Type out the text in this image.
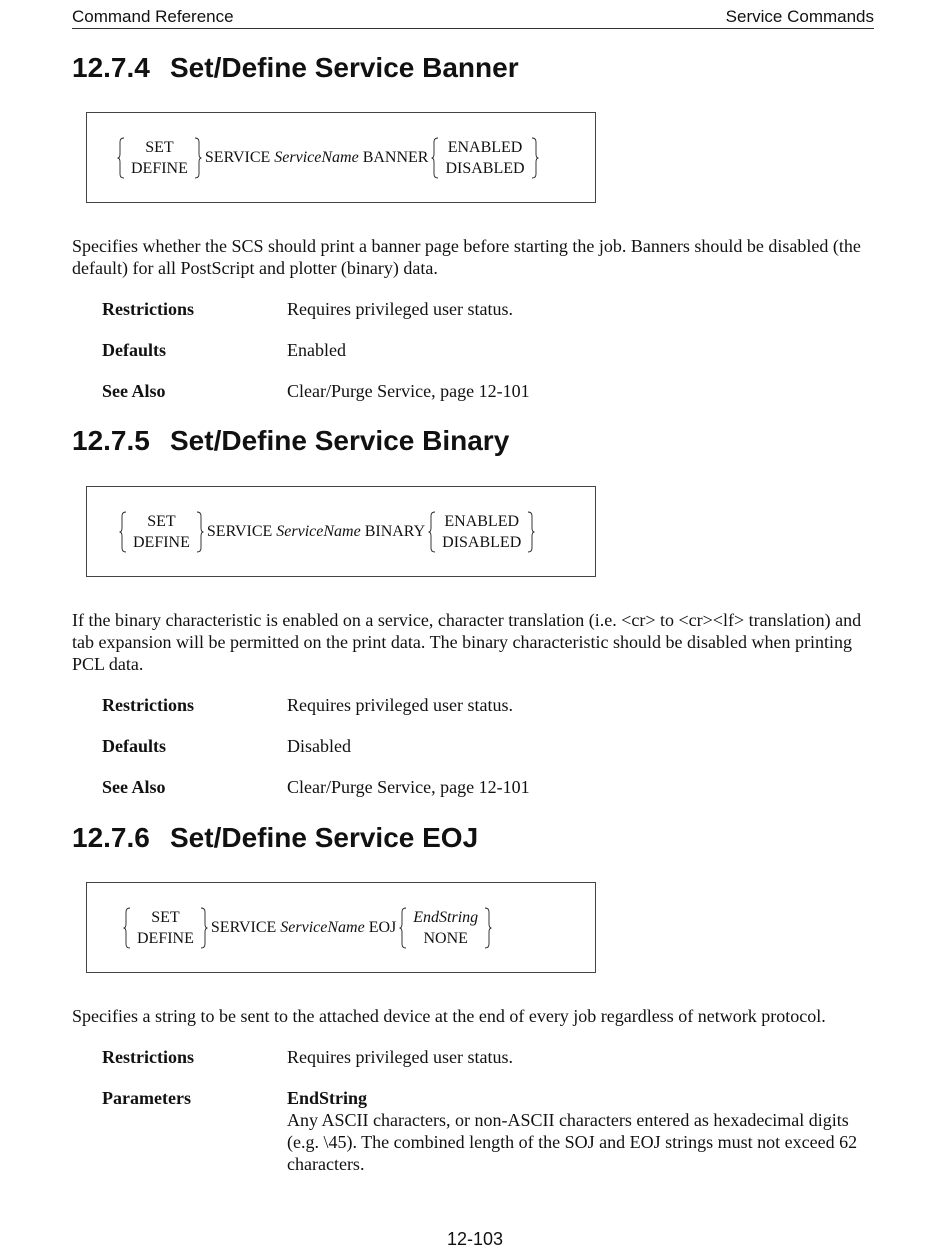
Command Reference	Service Commands
12.7.4 Set/Define Service Banner
SET
DEFINE
SERVICE ServiceName BANNER
ENABLED
DISABLED

Specifies whether the SCS should print a banner page before starting the job. Banners should be disabled (the default) for all PostScript and plotter (binary) data.

Restrictions	Requires privileged user status.
Defaults	Enabled
See Also	Clear/Purge Service, page 12-101
12.7.5 Set/Define Service Binary
SET
DEFINE
SERVICE ServiceName BINARY
ENABLED
DISABLED

If the binary characteristic is enabled on a service, character translation (i.e. <cr> to <cr><lf> translation) and tab expansion will be permitted on the print data. The binary characteristic should be disabled when printing PCL data.

Restrictions	Requires privileged user status.
Defaults	Disabled
See Also	Clear/Purge Service, page 12-101
12.7.6 Set/Define Service EOJ
SET
DEFINE
SERVICE ServiceName EOJ
EndString
NONE

Specifies a string to be sent to the attached device at the end of every job regardless of network protocol.

Restrictions	Requires privileged user status.
Parameters	EndString
Any ASCII characters, or non-ASCII characters entered as hexadecimal digits (e.g. \45). The combined length of the SOJ and EOJ strings must not exceed 62 characters.
12-103
